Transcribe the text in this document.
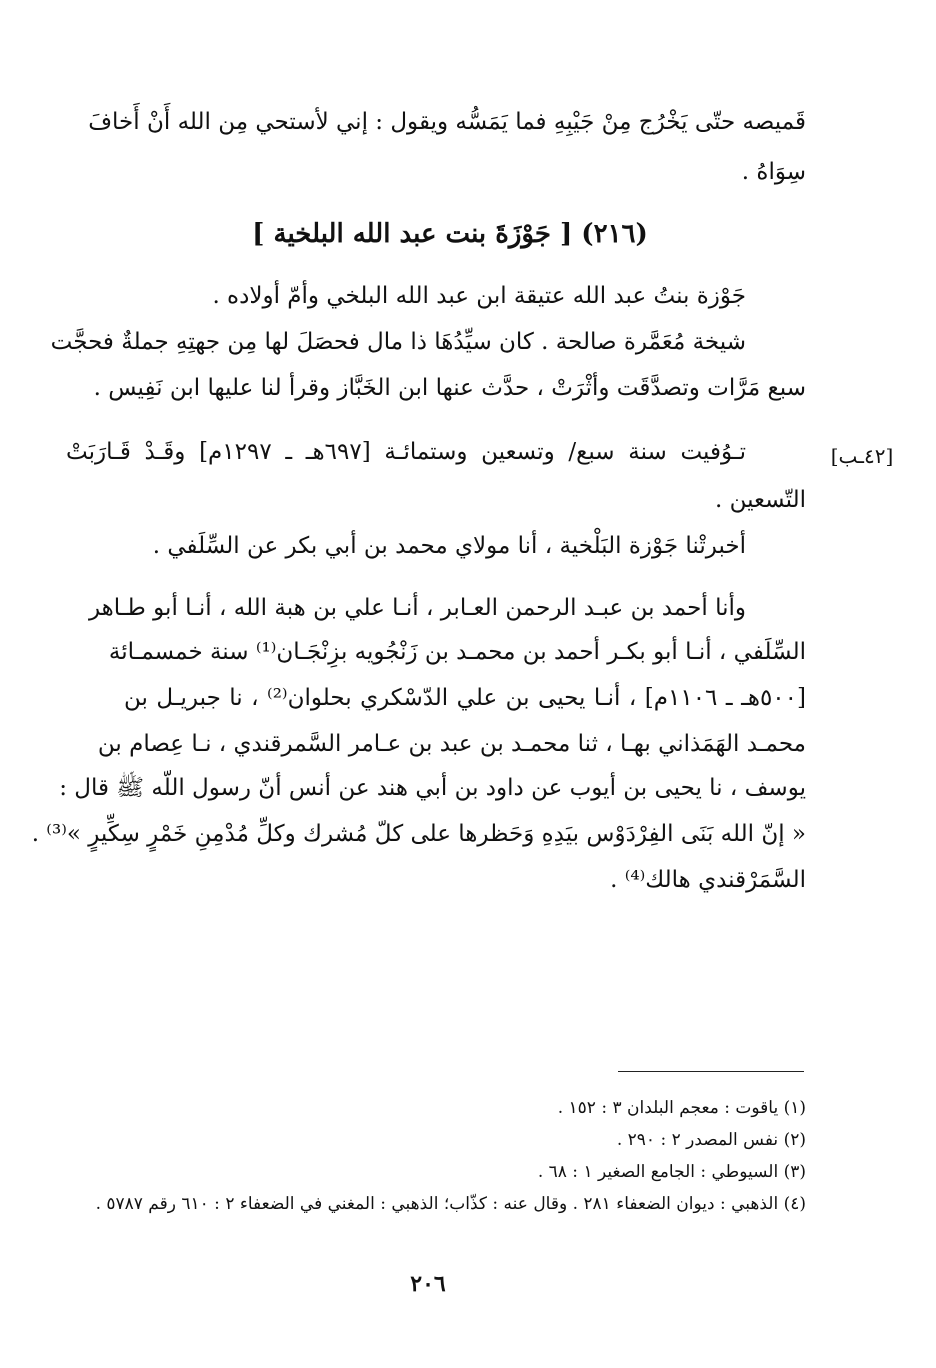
قَميصه حتّى يَخْرُج مِنْ جَيْبِهِ فما يَمَسُّه ويقول : إني لأستحي مِن الله أَنْ أَخافَ
سِوَاهُ .
(٢١٦) [ جَوْزَةَ بنت عبد الله البلخية ]
جَوْزة بنتُ عبد الله عتيقة ابن عبد الله البلخي وأمّ أولاده .
شيخة مُعَمَّرة صالحة . كان سيِّدُهَا ذا مال فحصَلَ لها مِن جهتِهِ جملةٌ فحجَّت
سبع مَرَّات وتصدَّقَت وأثْرَتْ ، حدَّث عنها ابن الخَبَّاز وقرأ لنا عليها ابن نَفِيس .
تـوُفيت سنة سبع/ وتسعين وستمائـة [٦٩٧هـ ـ ١٢٩٧م] وقَـدْ قَـارَبَتْ	[٤٢ـب]
التّسعين .
أخبرتْنا جَوْزة البَلْخية ، أنا مولاي محمد بن أبي بكر عن السِّلَفي .
وأنا أحمد بن عبـد الرحمن العـابر ، أنـا علي بن هبة الله ، أنـا أبو طـاهر
السِّلَفي ، أنـا أبو بكـر أحمد بن محمـد بن زَنْجُويه بزِنْجَـان⁽¹⁾ سنة خمسمـائة
[٥٠٠هـ ـ ١١٠٦م] ، أنـا يحيى بن علي الدّسْكري بحلوان⁽²⁾ ، نا جبريـل بن
محمـد الهَمَذاني بهـا ، ثنا محمـد بن عبد بن عـامر السَّمرقندي ، نـا عِصام بن
يوسف ، نا يحيى بن أيوب عن داود بن أبي هند عن أنس أنّ رسول اللّه ﷺ قال :
« إنّ الله بَنَى الفِرْدَوْس بيَدِهِ وَحَظرها على كلّ مُشرك وكلِّ مُدْمِنِ خَمْرٍ سِكِّيرٍ »⁽³⁾ .
السَّمَرْقندي هالك⁽⁴⁾ .
(١) ياقوت : معجم البلدان ٣ : ١٥٢ .
(٢) نفس المصدر ٢ : ٢٩٠ .
(٣) السيوطي : الجامع الصغير ١ : ٦٨ .
(٤) الذهبي : ديوان الضعفاء ٢٨١ . وقال عنه : كذّاب؛ الذهبي : المغني في الضعفاء ٢ : ٦١٠ رقم ٥٧٨٧ .
٢٠٦
